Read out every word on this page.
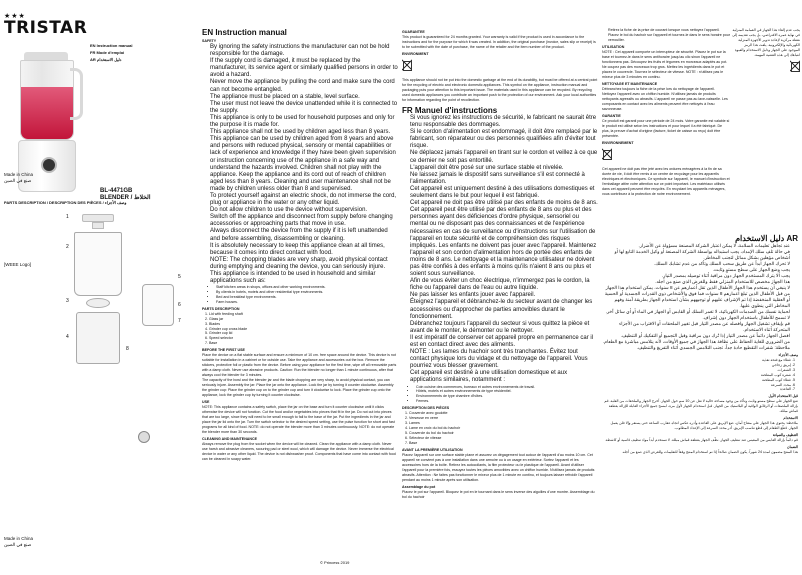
★★★
TRISTAR
EN Instruction manual
FR Mode d'emploi
AR دليل الاستخدام
Made in China
صنع في الصين
BL-4471GB
BLENDER / الخلاط
PARTS DESCRIPTION / DESCRIPTION DES PIÈCES / وصف الأجزاء
1
2
3
4
5
6
7
8
[WEEE Logo]
Made in China
صنع في الصين
EN Instruction manual
SAFETY
• By ignoring the safety instructions the manufacturer can not be hold responsible for the damage.
• If the supply cord is damaged, it must be replaced by the manufacturer, its service agent or similarly qualified persons in order to avoid a hazard.
• Never move the appliance by pulling the cord and make sure the cord can not become entangled.
• The appliance must be placed on a stable, level surface.
• The user must not leave the device unattended while it is connected to the supply.
• This appliance is only to be used for household purposes and only for the purpose it is made for.
• This appliance shall not be used by children aged less than 8 years. This appliance can be used by children aged from 8 years and above and persons with reduced physical, sensory or mental capabilities or lack of experience and knowledge if they have been given supervision or instruction concerning use of the appliance in a safe way and understand the hazards involved. Children shall not play with the appliance. Keep the appliance and its cord out of reach of children aged less than 8 years. Cleaning and user maintenance shall not be made by children unless older than 8 and supervised.
• To protect yourself against an electric shock, do not immerse the cord, plug or appliance in the water or any other liquid.
• Do not allow children to use the device without supervision.
• Switch off the appliance and disconnect from supply before changing accessories or approaching parts that move in use.
• Always disconnect the device from the supply if it is left unattended and before assembling, disassembling or cleaning.
• It is absolutely necessary to keep this appliance clean at all times, because it comes into direct contact with food.
• NOTE: The chopping blades are very sharp, avoid physical contact during emptying and cleaning the device, you can seriously injure.
• This appliance is intended to be used in household and similar applications such as:
• Staff kitchen areas in shops, offices and other working environments.
• By clients in hotels, motels and other residential type environments.
• Bed and breakfast type environments.
• Farm houses.
PARTS DESCRIPTION
1. Lid with feeding shaft
2. Glass jar
3. Blades
4. Grinder cup cross blade
5. Grinder cup lid
6. Speed selector
7. Base
BEFORE THE FIRST USE

Place the device on a flat stable surface and ensure a minimum of 10 cm. free space around the device. This device is not suitable for installation in a cabinet or for outside use. Take the appliance and accessories out the box. Remove the stickers, protective foil or plastic from the device. Before using your appliance for the first time, wipe off all removable parts with a damp cloth. Never use abrasive products. Caution: Run the blender no longer than 1 minute continuous, after that always cool the blender for 3 minutes.

The capacity of the bowl and the blender jar and the blade chopping are very sharp, to avoid physical contact, you can seriously injure. Assembly the jar: Place the jar onto the appliance. Lock the jar by turning it counter clockwise. Assembly the grinder cup: Place the grinder cup on to the grinder cup and turn it clockwise to lock. Place the grinder cup onto the appliance, lock the grinder cup by turning it counter clockwise.

USE

NOTE: This appliance contains a safety switch, place the jar on the base and turn it counter clockwise until it clicks otherwise the device will not function. Cut the food and/or vegetables into pieces that fit in the jar. Do not cut into pieces that are too large, since they will need to be small enough to fall to the base of the jar. Put the ingredients in the jar and place the jar lid onto the jar. Turn the switch selector to the desired speed setting, use the pulse function for short and fast programs for all kind of food. NOTE: do not operate the blender more than 3 minutes continuously. NOTE: do not operate the blender more than 30 seconds.

CLEANING AND MAINTENANCE

Always remove the plug from the socket when the device will be cleaned. Clean the appliance with a damp cloth. Never use harsh and abrasive cleaners, scouring pad or steel wool, which will damage the device. Never immerse the electrical device in water or any other liquid. The device is not dishwasher proof. Components that have come into contact with food can be cleaned in soapy water.

© Princess 2019
GUARANTEE

This product is guaranteed for 24 months granted. Your warranty is valid if the product is used in accordance to the instructions and for the purpose for which it was created. In addition, the original purchase (invoice, sales slip or receipt) is to be submitted with the date of purchase, the name of the retailer and the item number of the product.

ENVIRONMENT

This appliance should not be put into the domestic garbage at the end of its durability, but must be offered at a central point for the recycling of electric and electronic domestic appliances. This symbol on the appliance, instruction manual and packaging puts your attention to this important issue. The materials used in this appliance can be recycled. By recycling used domestic appliances you contribute an important push to the protection of our environment. Ask your local authorities for information regarding the point of recollection.

FR Manuel d'instructions
• Si vous ignorez les instructions de sécurité, le fabricant ne saurait être tenu responsable des dommages.
• Si le cordon d'alimentation est endommagé, il doit être remplacé par le fabricant, son réparateur ou des personnes qualifiées afin d'éviter tout risque.
• Ne déplacez jamais l'appareil en tirant sur le cordon et veillez à ce que ce dernier ne soit pas entortillé.
• L'appareil doit être posé sur une surface stable et nivelée.
• Ne laissez jamais le dispositif sans surveillance s'il est connecté à l'alimentation.
• Cet appareil est uniquement destiné à des utilisations domestiques et seulement dans le but pour lequel il est fabriqué.
• Cet appareil ne doit pas être utilisé par des enfants de moins de 8 ans. Cet appareil peut être utilisé par des enfants de 8 ans ou plus et des personnes ayant des déficiences d'ordre physique, sensoriel ou mental ou ne disposant pas des connaissances et de l'expérience nécessaires en cas de surveillance ou d'instructions sur l'utilisation de l'appareil en toute sécurité et de compréhension des risques impliqués. Les enfants ne doivent pas jouer avec l'appareil. Maintenez l'appareil et son cordon d'alimentation hors de portée des enfants de moins de 8 ans. Le nettoyage et la maintenance utilisateur ne doivent pas être confiés à des enfants à moins qu'ils n'aient 8 ans ou plus et soient sous surveillance.
• Afin de vous éviter un choc électrique, n'immergez pas le cordon, la fiche ou l'appareil dans de l'eau ou autre liquide.
• Ne pas laisser les enfants jouer avec l'appareil.
• Éteignez l'appareil et débranchez-le du secteur avant de changer les accessoires ou d'approcher de parties amovibles durant le fonctionnement.
• Débranchez toujours l'appareil du secteur si vous quittez la pièce et avant de le monter, le démonter ou le nettoyer.
• Il est impératif de conserver cet appareil propre en permanence car il est en contact direct avec des aliments.
• NOTE : Les lames du hachoir sont très tranchantes. Évitez tout contact physique lors du vidage et du nettoyage de l'appareil. Vous pourriez vous blesser gravement.
• Cet appareil est destiné à une utilisation domestique et aux applications similaires, notamment :
• Coin cuisine des commerces, bureaux et autres environnements de travail.
• Hôtels, motels et autres environnements de type résidentiel.
• Environnements de type chambre d'hôtes.
• Fermes.
DESCRIPTION DES PIÈCES
1. Couvercle avec goulotte
2. Verseuse en verre
3. Lames
4. Lame en croix du bol du hachoir
5. Couvercle du bol du hachoir
6. Sélecteur de vitesse
7. Base
AVANT LA PREMIÈRE UTILISATION

Placez l'appareil sur une surface stable plane et assurez un dégagement tout autour de l'appareil d'au moins 10 cm. Cet appareil ne convient pas à une installation dans une armoire ou à un usage en extérieur. Sortez l'appareil et les accessoires hors de la boîte. Retirez les autocollants, la film protecteur ou le plastique de l'appareil. Avant d'utiliser l'appareil pour la première fois, essuyez toutes les pièces amovibles avec un chiffon humide. N'utilisez jamais de produits abrasifs. Attention : Ne faites pas fonctionner le mixeur plus de 1 minute en continu, et toujours laisser refroidir l'appareil pendant au moins 1 minute après son utilisation.

Assemblage du pot

Placez le pot sur l'appareil. Bloquez le pot en le tournant dans le sens inverse des aiguilles d'une montre. Assemblage du bol du hachoir

• Retirez la fiche de la prise de courant lorsque vous nettoyez l'appareil.
• Placez le bol du hachoir sur l'appareil et tournez-le dans le sens horaire pour verrouiller.
UTILISATION

NOTE : Cet appareil comporte un interrupteur de sécurité. Placez le pot sur la base et tournez-le dans le sens antihoraire jusqu'au clic sinon l'appareil ne fonctionnera pas. Découpez les fruits et légumes en morceaux adaptés au pot. Ne coupez pas des morceaux trop gros. Mettez les ingrédients dans le pot et placez le couvercle. Tournez le sélecteur de vitesse. NOTE : n'utilisez pas le mixeur plus de 3 minutes en continu.

NETTOYAGE ET MAINTENANCE

Débranchez toujours la fiche de la prise lors du nettoyage de l'appareil. Nettoyez l'appareil avec un chiffon humide. N'utilisez jamais de produits nettoyants agressifs ou abrasifs. L'appareil ne passe pas au lave-vaisselle. Les composants en contact avec les aliments peuvent être nettoyés à l'eau savonneuse.

GARANTIE

Ce produit est garanti pour une période de 24 mois. Votre garantie est valable si le produit est utilisé selon les instructions et pour lequel il a été fabriqué. De plus, la preuve d'achat d'origine (facture, ticket de caisse ou reçu) doit être présentée.

ENVIRONNEMENT

Cet appareil ne doit pas être jeté avec les ordures ménagères à la fin de sa durée de vie, il doit être remis à un centre de recyclage pour les appareils électriques et électroniques. Ce symbole sur l'appareil, le manuel d'instruction et l'emballage attire votre attention sur ce point important. Les matériaux utilisés dans cet appareil peuvent être recyclés. En recyclant les appareils ménagers, vous contribuez à la protection de notre environnement.

يجب عدم إلقاء هذا الجهاز في القمامة المنزلية في نهاية عمره الافتراضي، بل يجب تقديمه إلى نقطة مركزية لإعادة تدوير الأجهزة المنزلية الكهربائية والإلكترونية. يلفت هذا الرمز الموجود على الجهاز ودليل الاستخدام والعبوة انتباهك إلى هذه القضية المهمة.

AR دليل الاستخدام
• عند تجاهل تعليمات السلامة، لا يمكن اعتبار الشركة المصنعة مسؤولة عن الأضرار.
• في حالة تلف سلك الإمداد، يجب استبداله بواسطة الشركة المصنعة أو وكيل الخدمة التابع لها أو أشخاص مؤهلين بشكل مماثل لتجنب المخاطر.
• لا تحرك الجهاز أبداً عن طريق سحب السلك وتأكد من عدم تشابك السلك.
• يجب وضع الجهاز على سطح مستوٍ وثابت.
• يجب ألا يترك المستخدم الجهاز دون مراقبة أثناء توصيله بمصدر التيار.
• هذا الجهاز مخصص للاستخدام المنزلي فقط وللغرض الذي صنع من أجله.
• لا ينبغي أن يستخدم هذا الجهاز الأطفال الذين تقل أعمارهم عن 8 سنوات. يمكن استخدام هذا الجهاز من قبل الأطفال الذين تبلغ أعمارهم 8 سنوات فما فوق والأشخاص ذوي القدرات الجسدية أو الحسية أو العقلية المنخفضة إذا تم الإشراف عليهم أو توجيههم بشأن استخدام الجهاز بطريقة آمنة وفهم المخاطر التي ينطوي عليها.
• لحماية نفسك من الصدمات الكهربائية، لا تغمر السلك أو القابس أو الجهاز في الماء أو أي سائل آخر.
• لا تسمح للأطفال باستخدام الجهاز دون إشراف.
• قم بإيقاف تشغيل الجهاز وافصله عن مصدر التيار قبل تغيير الملحقات أو الاقتراب من الأجزاء المتحركة أثناء الاستخدام.
• افصل الجهاز دائماً عن مصدر التيار إذا تُرك دون مراقبة وقبل التجميع أو التفكيك أو التنظيف.
• من الضروري للغاية الحفاظ على نظافة هذا الجهاز في جميع الأوقات، لأنه يتلامس مباشرة مع الطعام.
• ملاحظة: شفرات التقطيع حادة جداً، تجنب التلامس الجسدي أثناء التفريغ والتنظيف.
وصف الأجزاء
1. غطاء مع فتحة تغذية
2. إبريق زجاجي
3. الشفرات
4. شفرة كوب المطحنة
5. غطاء كوب المطحنة
6. محدد السرعة
7. القاعدة
قبل الاستخدام الأول

ضع الجهاز على سطح مستو وثابت وتأكد من وجود مساحة خالية لا تقل عن 10 سم حول الجهاز. أخرج الجهاز والملحقات من العلبة. قم بإزالة الملصقات أو الرقائق الواقية أو البلاستيك من الجهاز. قبل استخدام الجهاز لأول مرة، امسح جميع الأجزاء القابلة للإزالة بقطعة قماش مبللة.

الاستخدام

ملاحظة: يحتوي هذا الجهاز على مفتاح أمان، ضع الإبريق على القاعدة وأدره عكس اتجاه عقارب الساعة حتى يستقر وإلا فلن يعمل الجهاز. قطّع الطعام إلى قطع تناسب الإبريق. أدر محدد السرعة إلى الإعداد المطلوب.

التنظيف والصيانة

قم دائماً بإزالة القابس من المقبس عند تنظيف الجهاز. نظّف الجهاز بقطعة قماش مبللة. لا تستخدم أبداً مواد تنظيف قاسية أو كاشطة.

الضمان

هذا المنتج مضمون لمدة 24 شهراً. يكون الضمان صالحاً إذا تم استخدام المنتج وفقاً للتعليمات وللغرض الذي صنع من أجله.
